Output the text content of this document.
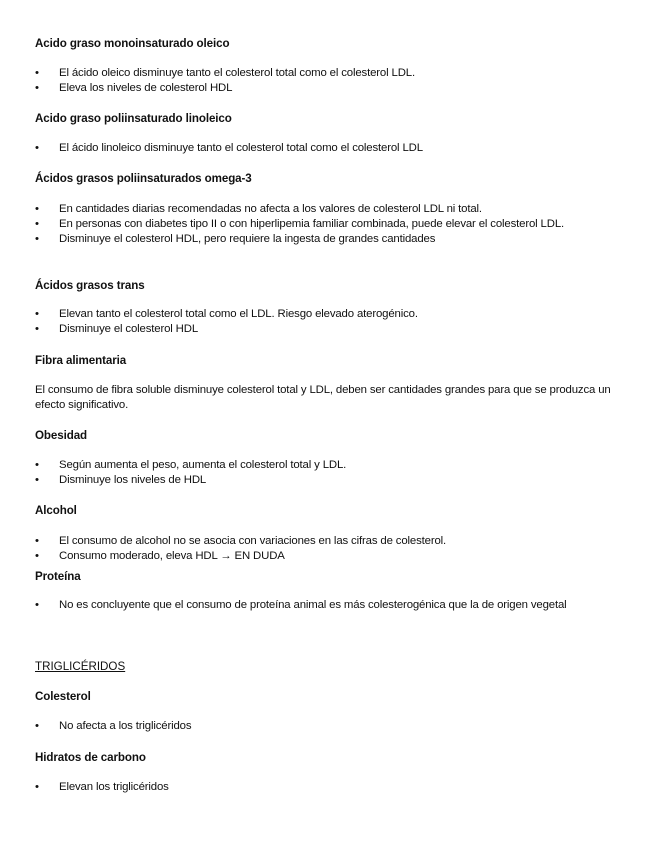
Acido graso monoinsaturado oleico
• El ácido oleico disminuye tanto el colesterol total como el colesterol LDL.
• Eleva los niveles de colesterol HDL
Acido graso poliinsaturado linoleico
• El ácido linoleico disminuye tanto el colesterol total como el colesterol LDL
Ácidos grasos poliinsaturados omega-3
• En cantidades diarias recomendadas no afecta a los valores de colesterol LDL ni total.
• En personas con diabetes tipo II o con hiperlipemia familiar combinada, puede elevar el colesterol LDL.
• Disminuye el colesterol HDL, pero requiere la ingesta de grandes cantidades
Ácidos grasos trans
• Elevan tanto el colesterol total como el LDL. Riesgo elevado aterogénico.
• Disminuye el colesterol HDL
Fibra alimentaria
El consumo de fibra soluble disminuye colesterol total y LDL, deben ser cantidades grandes para que se produzca un efecto significativo.
Obesidad
• Según aumenta el peso, aumenta el colesterol total y LDL.
• Disminuye los niveles de HDL
Alcohol
• El consumo de alcohol no se asocia con variaciones en las cifras de colesterol.
• Consumo moderado, eleva HDL → EN DUDA
Proteína
• No es concluyente que el consumo de proteína animal es más colesterogénica que la de origen vegetal
TRIGLICÉRIDOS
Colesterol
• No afecta a los triglicéridos
Hidratos de carbono
• Elevan los triglicéridos
